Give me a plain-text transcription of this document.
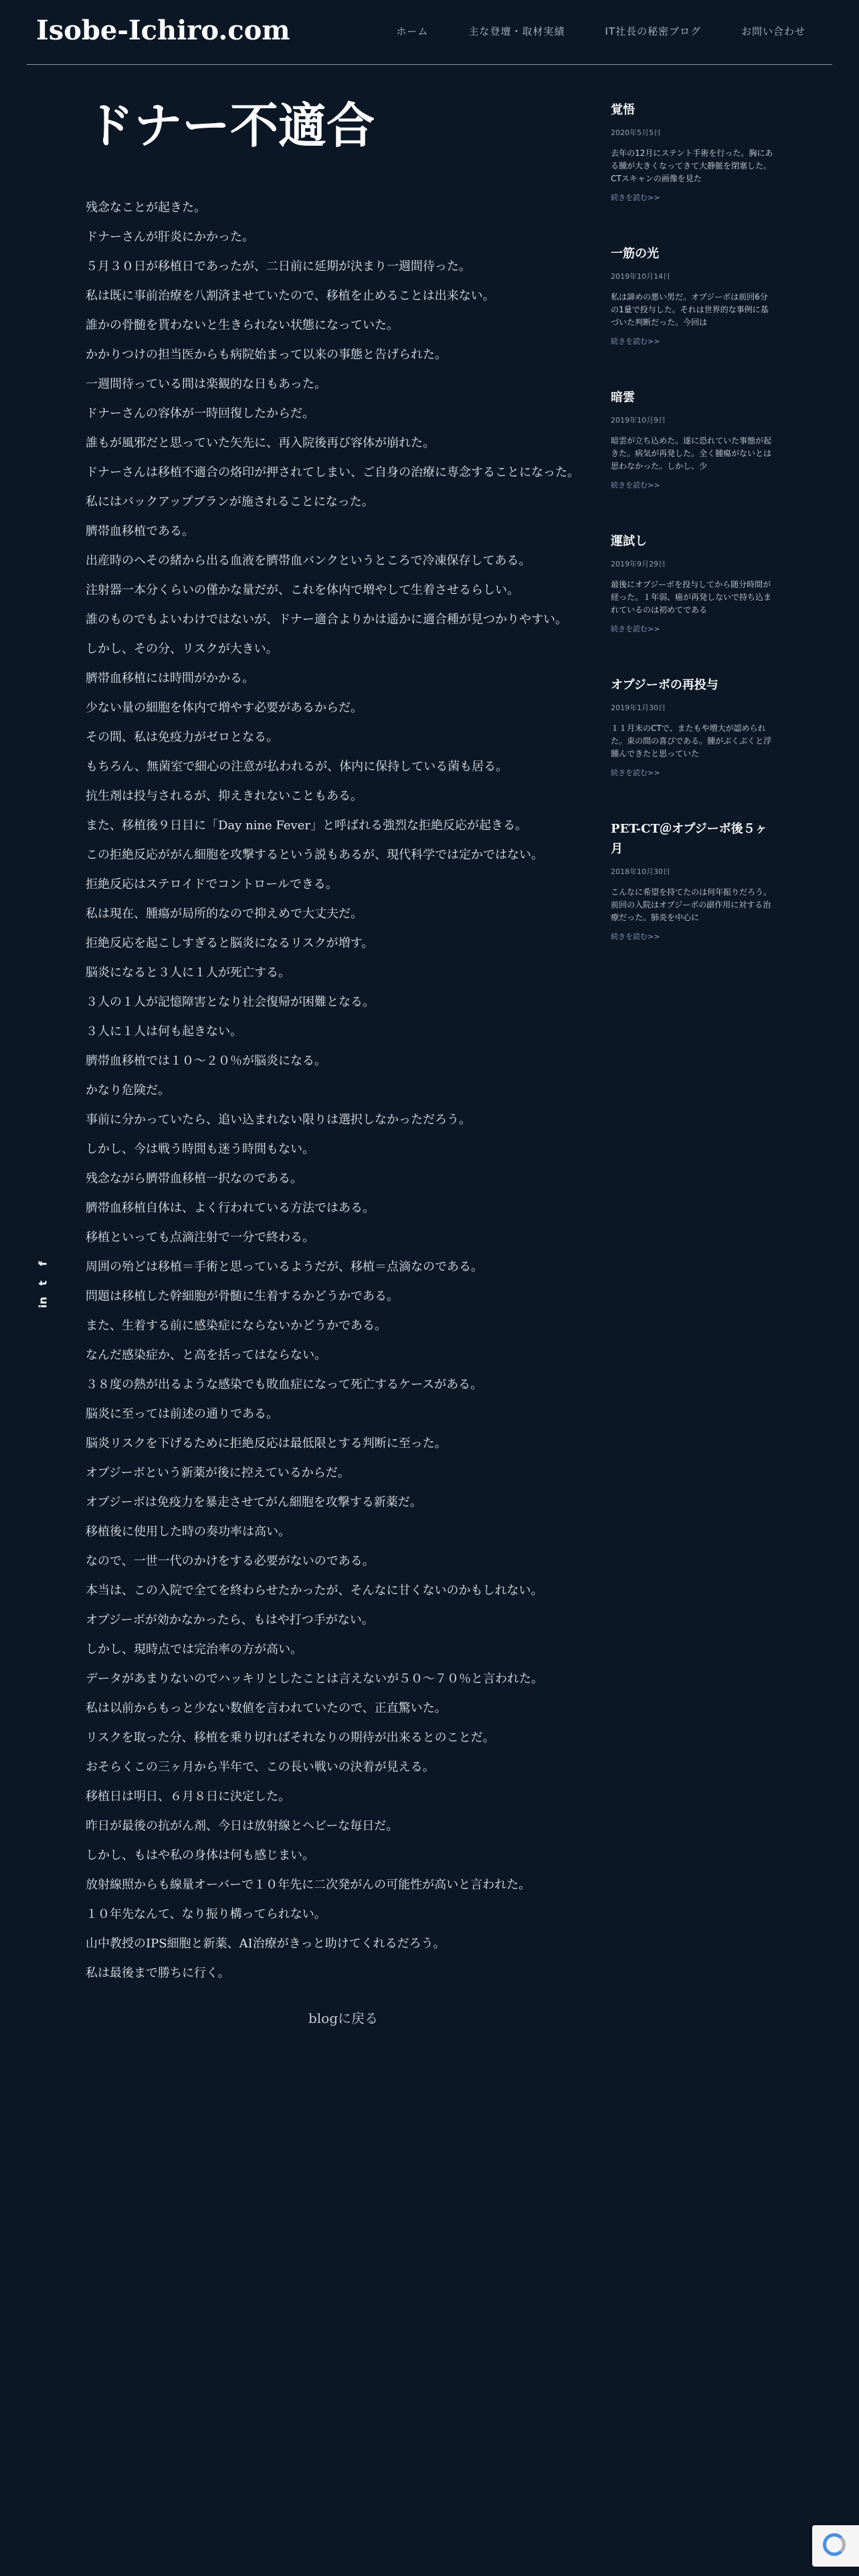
Isobe-Ichiro.com	ホーム	主な登壇・取材実績	IT社長の秘密ブログ	お問い合わせ
f
t
in
ドナー不適合

残念なことが起きた。

ドナーさんが肝炎にかかった。

５月３０日が移植日であったが、二日前に延期が決まり一週間待った。

私は既に事前治療を八割済ませていたので、移植を止めることは出来ない。

誰かの骨髄を貰わないと生きられない状態になっていた。

かかりつけの担当医からも病院始まって以来の事態と告げられた。

一週間待っている間は楽観的な日もあった。

ドナーさんの容体が一時回復したからだ。

誰もが風邪だと思っていた矢先に、再入院後再び容体が崩れた。

ドナーさんは移植不適合の烙印が押されてしまい、ご自身の治療に専念することになった。

私にはバックアップブランが施されることになった。

臍帯血移植である。

出産時のへその緒から出る血液を臍帯血バンクというところで冷凍保存してある。

注射器一本分くらいの僅かな量だが、これを体内で増やして生着させるらしい。

誰のものでもよいわけではないが、ドナー適合よりかは遥かに適合種が見つかりやすい。

しかし、その分、リスクが大きい。

臍帯血移植には時間がかかる。

少ない量の細胞を体内で増やす必要があるからだ。

その間、私は免疫力がゼロとなる。

もちろん、無菌室で細心の注意が払われるが、体内に保持している菌も居る。

抗生剤は投与されるが、抑えきれないこともある。

また、移植後９日目に「Day nine Fever」と呼ばれる強烈な拒絶反応が起きる。

この拒絶反応ががん細胞を攻撃するという説もあるが、現代科学では定かではない。

拒絶反応はステロイドでコントロールできる。

私は現在、腫瘍が局所的なので抑えめで大丈夫だ。

拒絶反応を起こしすぎると脳炎になるリスクが増す。

脳炎になると３人に１人が死亡する。

３人の１人が記憶障害となり社会復帰が困難となる。

３人に１人は何も起きない。

臍帯血移植では１０～２０％が脳炎になる。

かなり危険だ。

事前に分かっていたら、追い込まれない限りは選択しなかっただろう。

しかし、今は戦う時間も迷う時間もない。

残念ながら臍帯血移植一択なのである。

臍帯血移植自体は、よく行われている方法ではある。

移植といっても点滴注射で一分で終わる。

周囲の殆どは移植＝手術と思っているようだが、移植＝点滴なのである。

問題は移植した幹細胞が骨髄に生着するかどうかである。

また、生着する前に感染症にならないかどうかである。

なんだ感染症か、と高を括ってはならない。

３８度の熱が出るような感染でも敗血症になって死亡するケースがある。

脳炎に至っては前述の通りである。

脳炎リスクを下げるために拒絶反応は最低限とする判断に至った。

オプジーボという新薬が後に控えているからだ。

オプジーボは免疫力を暴走させてがん細胞を攻撃する新薬だ。

移植後に使用した時の奏功率は高い。

なので、一世一代のかけをする必要がないのである。

本当は、この入院で全てを終わらせたかったが、そんなに甘くないのかもしれない。

オプジーボが効かなかったら、もはや打つ手がない。

しかし、現時点では完治率の方が高い。

データがあまりないのでハッキリとしたことは言えないが５０～７０％と言われた。

私は以前からもっと少ない数値を言われていたので、正直驚いた。

リスクを取った分、移植を乗り切ればそれなりの期待が出来るとのことだ。

おそらくこの三ヶ月から半年で、この長い戦いの決着が見える。

移植日は明日、６月８日に決定した。

昨日が最後の抗がん剤、今日は放射線とヘビーな毎日だ。

しかし、もはや私の身体は何も感じまい。

放射線照からも線量オーバーで１０年先に二次発がんの可能性が高いと言われた。

１０年先なんて、なり振り構ってられない。

山中教授のIPS細胞と新薬、AI治療がきっと助けてくれるだろう。

私は最後まで勝ちに行く。

blogに戻る
覚悟
2020年5月5日
去年の12月にステント手術を行った。胸にある腫が大きくなってきて大静脈を閉塞した。CTスキャンの画像を見た
続きを読む>>
一筋の光
2019年10月14日
私は諦めの悪い男だ。オプジーボは前回6分の1量で投与した。それは世界的な事例に基づいた判断だった。今回は
続きを読む>>
暗雲
2019年10月9日
暗雲が立ち込めた。遂に恐れていた事態が起きた。病気が再発した。全く腫瘍がないとは思わなかった。しかし、少
続きを読む>>
運試し
2019年9月29日
最後にオプジーボを投与してから随分時間が経った。１年弱、癌が再発しないで持ち込まれているのは初めてである
続きを読む>>
オプジーボの再投与
2019年1月30日
１１月末のCTで、またもや増大が認められた。束の間の喜びである。腫がぷくぷくと浮腫んできたと思っていた
続きを読む>>
PET-CT＠オプジーボ後５ヶ月
2018年10月30日
こんなに希望を持てたのは何年振りだろう。前回の入院はオプジーボの副作用に対する治療だった。肺炎を中心に
続きを読む>>
